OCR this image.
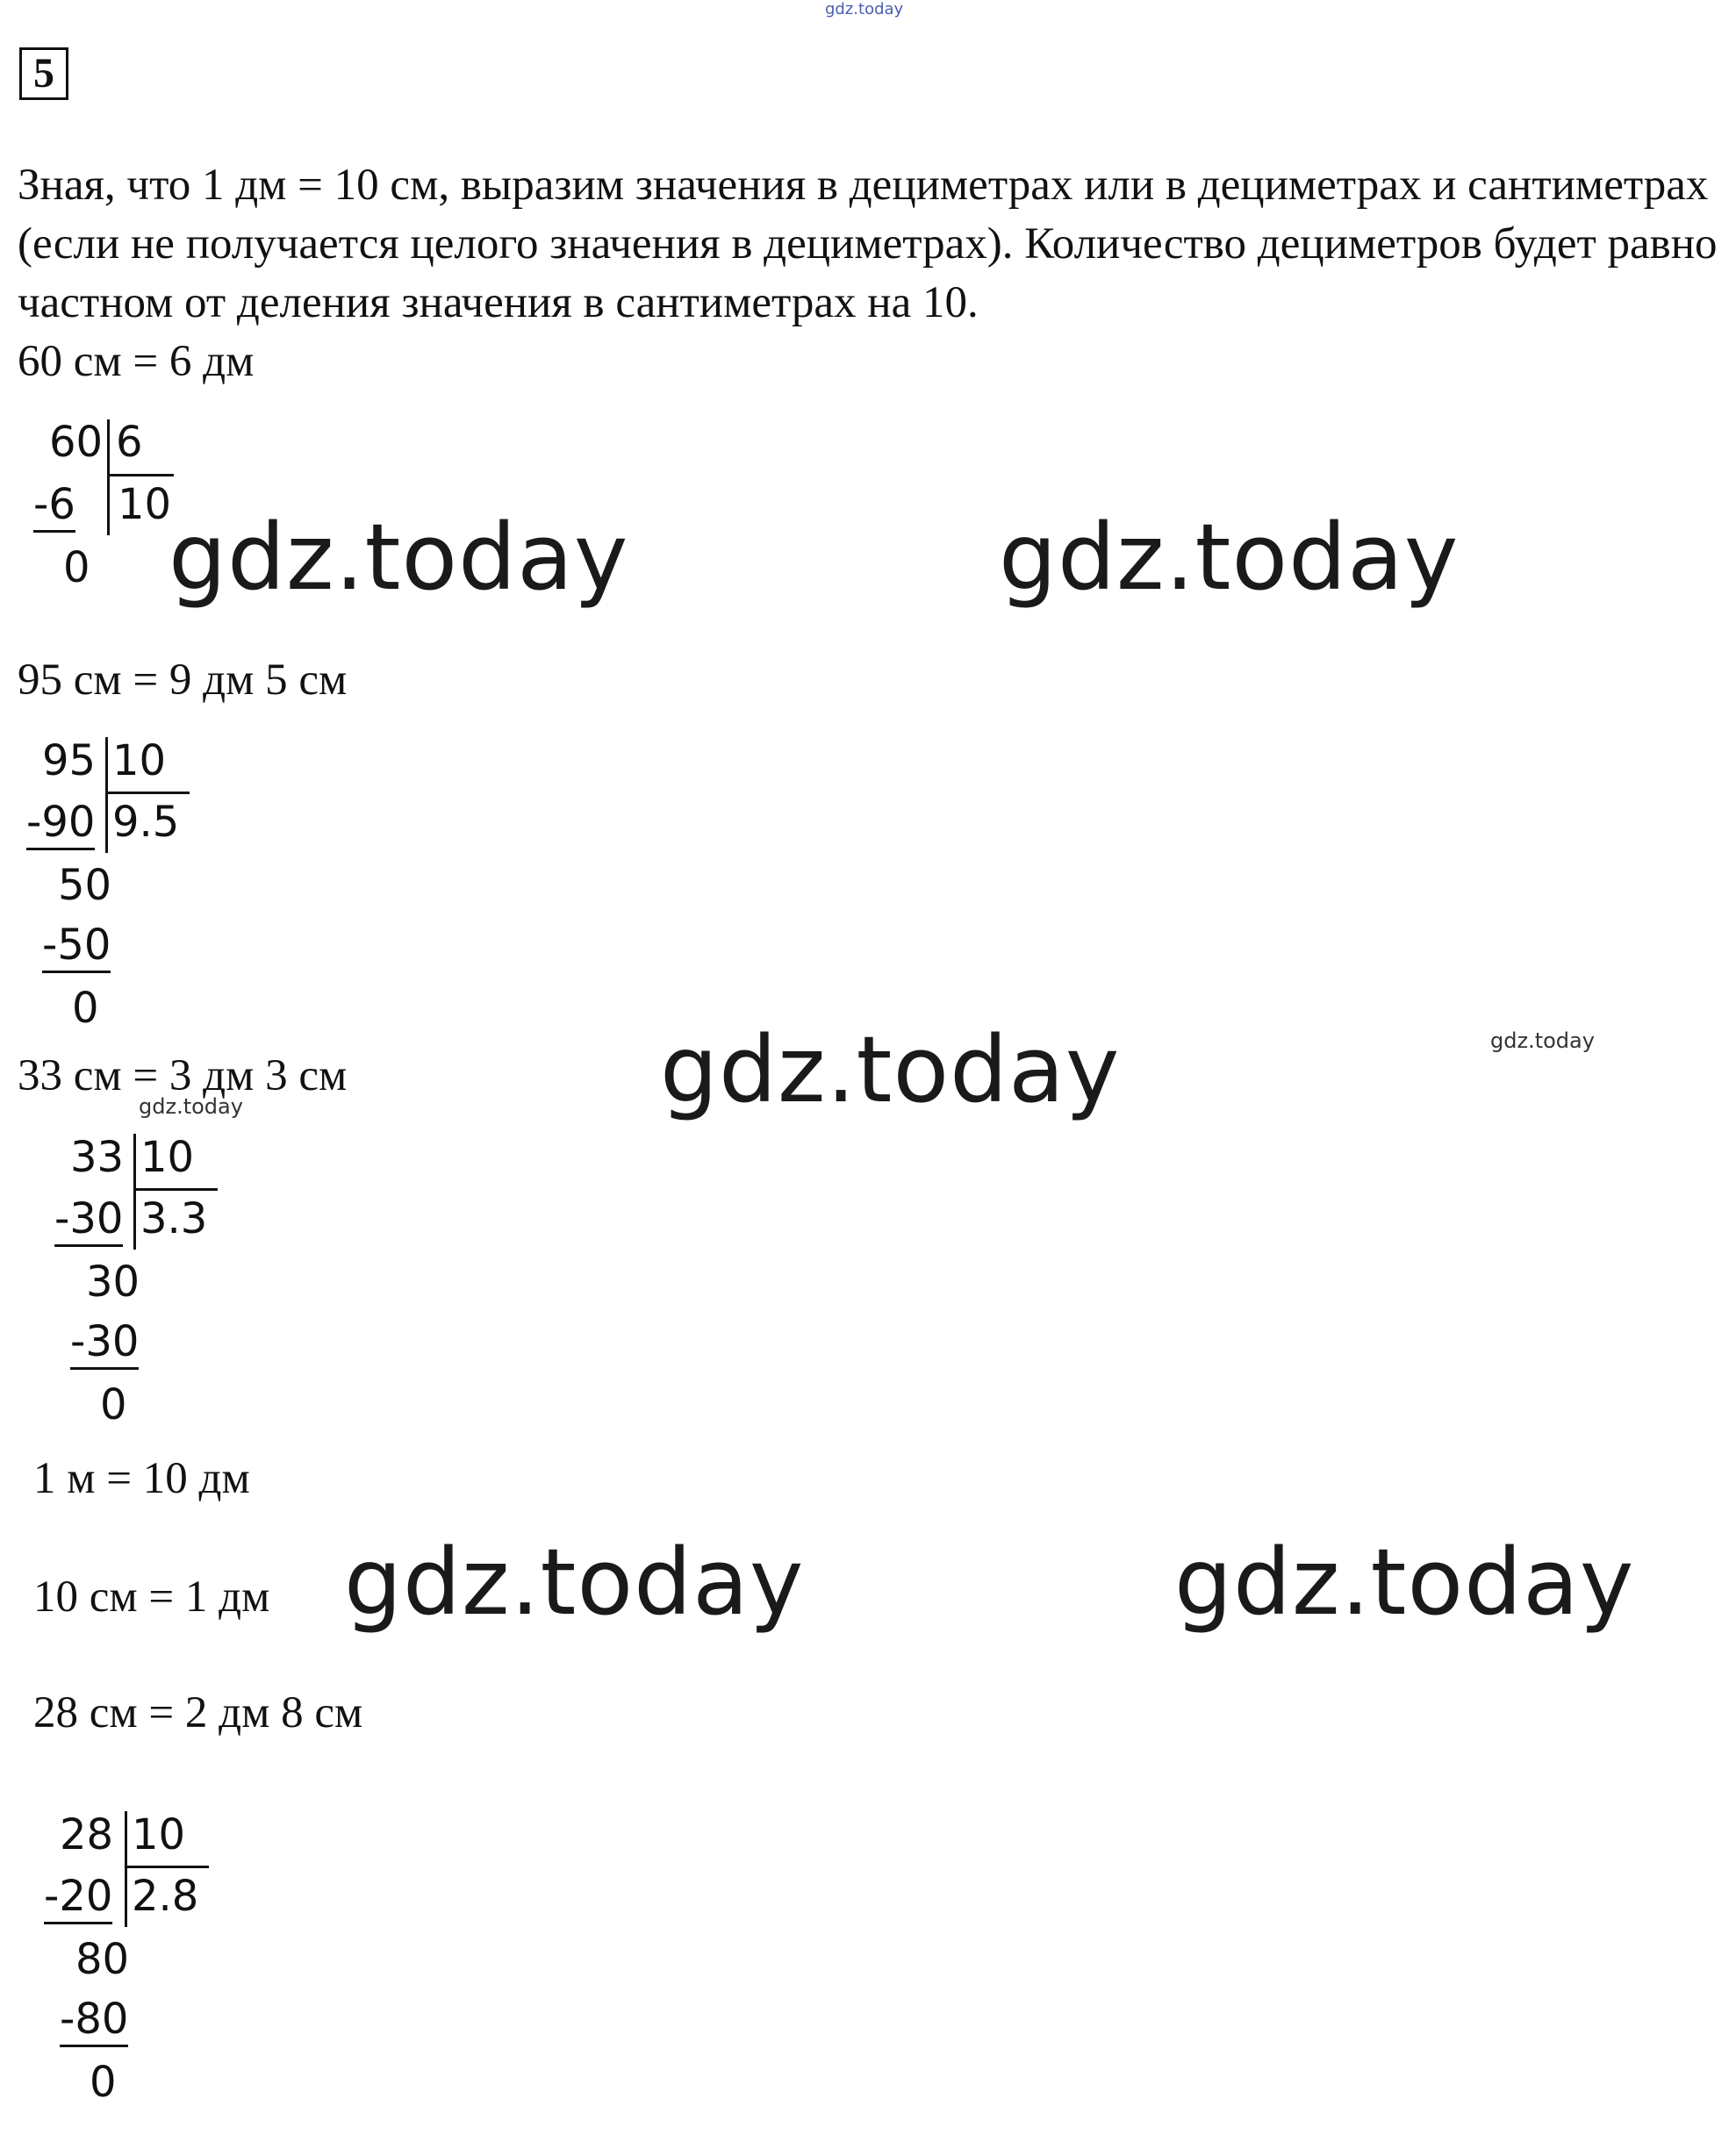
gdz.today
5
Зная, что 1 дм = 10 см, выразим значения в дециметрах или в дециметрах и сантиметрах (если не получается целого значения в дециметрах). Количество дециметров будет равно частном от деления значения в сантиметрах на 10.
60 см = 6 дм
60 6
-6 10
0 gdz.today	gdz.today
95 см = 9 дм 5 см
95 10
-90 9.5
50
-50
0
33 см = 3 дм 3 см
gdz.today	gdz.today	gdz.today
33 10
-30 3.3
30
-30
0
1 м = 10 дм
10 см = 1 дм gdz.today	gdz.today
28 см = 2 дм 8 см
28 10
-20 2.8
80
-80
0
